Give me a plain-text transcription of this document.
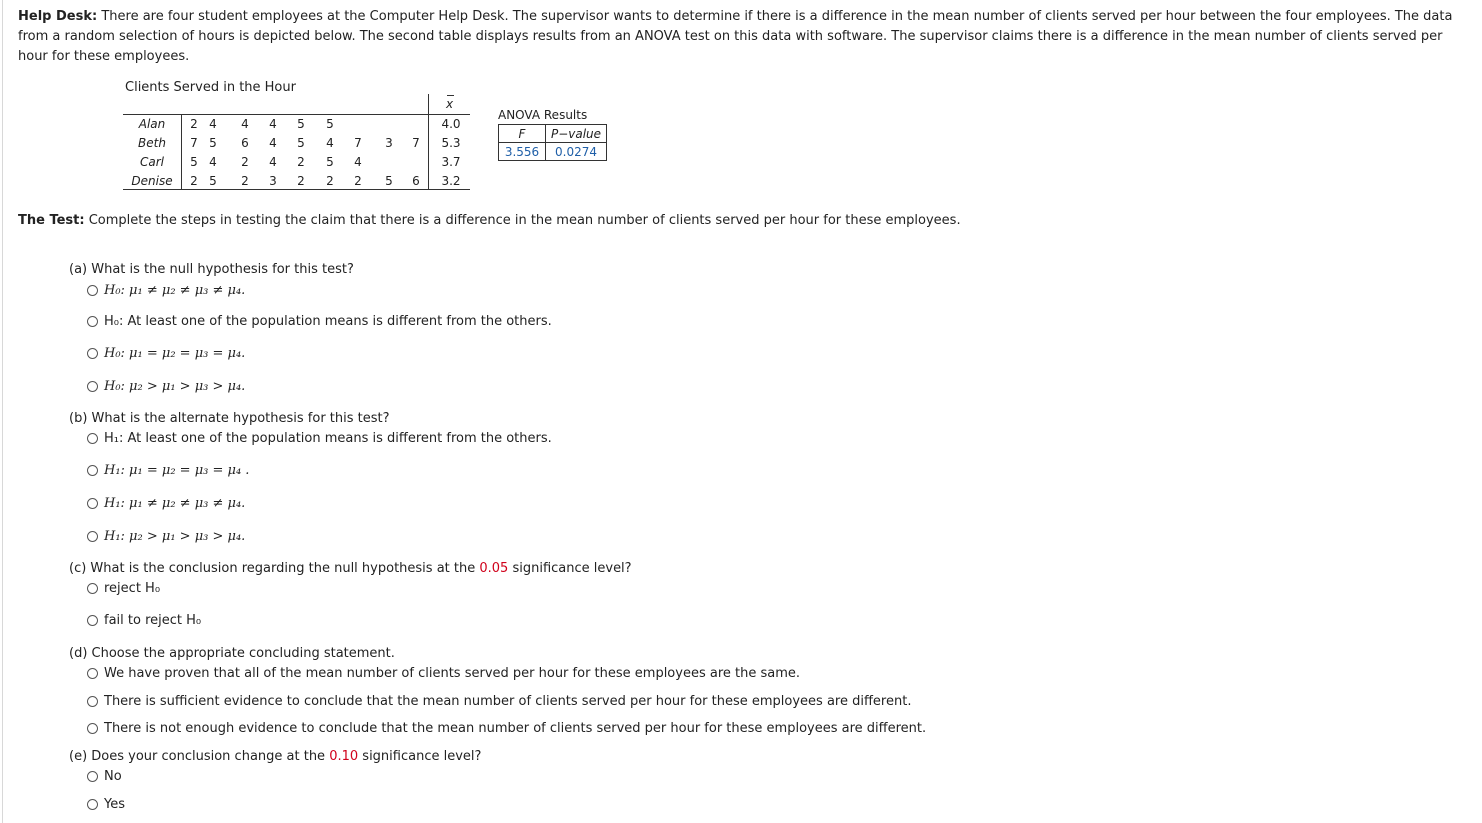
Help Desk: There are four student employees at the Computer Help Desk. The supervisor wants to determine if there is a difference in the mean number of clients served per hour between the four employees. The data from a random selection of hours is depicted below. The second table displays results from an ANOVA test on this data with software. The supervisor claims there is a difference in the mean number of clients served per hour for these employees.
Clients Served in the Hour
x
Alan	2 4 4 4 5 5	4.0
Beth	7 5 6 4 5 4 7 3 7	5.3
Carl	5 4 2 4 2 5 4	3.7
Denise	2 5 2 3 2 2 2 5 6	3.2
ANOVA Results
F	P−value
3.556	0.0274
The Test: Complete the steps in testing the claim that there is a difference in the mean number of clients served per hour for these employees.
(a) What is the null hypothesis for this test?
H₀: μ₁ ≠ μ₂ ≠ μ₃ ≠ μ₄.
H₀: At least one of the population means is different from the others.
H₀: μ₁ = μ₂ = μ₃ = μ₄.
H₀: μ₂ > μ₁ > μ₃ > μ₄.
(b) What is the alternate hypothesis for this test?
H₁: At least one of the population means is different from the others.
H₁: μ₁ = μ₂ = μ₃ = μ₄ .
H₁: μ₁ ≠ μ₂ ≠ μ₃ ≠ μ₄.
H₁: μ₂ > μ₁ > μ₃ > μ₄.
(c) What is the conclusion regarding the null hypothesis at the 0.05 significance level?
reject H₀
fail to reject H₀
(d) Choose the appropriate concluding statement.
We have proven that all of the mean number of clients served per hour for these employees are the same.
There is sufficient evidence to conclude that the mean number of clients served per hour for these employees are different.
There is not enough evidence to conclude that the mean number of clients served per hour for these employees are different.
(e) Does your conclusion change at the 0.10 significance level?
No
Yes
